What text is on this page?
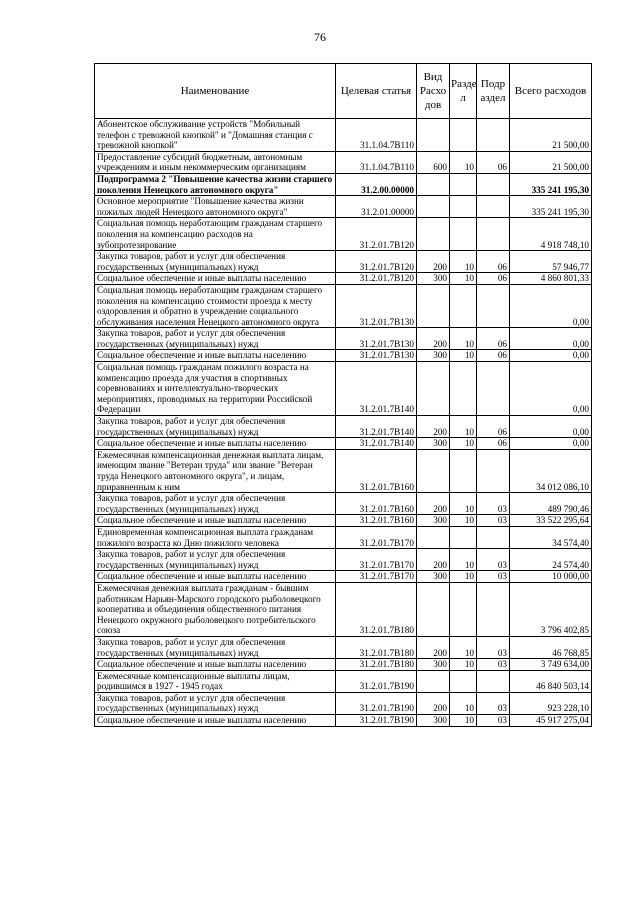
76
Наименование	Целевая статья	Вид Расхо дов	Разде л	Подр аздел	Всего расходов
Абонентское обслуживание устройств "Мобильный телефон с тревожной кнопкой" и "Домашняя станция с тревожной кнопкой"	31.1.04.7В110				21 500,00
Предоставление субсидий бюджетным, автономным учреждениям и иным некоммерческим организациям	31.1.04.7В110	600	10	06	21 500,00
Подпрограмма 2 "Повышение качества жизни старшего поколения Ненецкого автономного округа"	31.2.00.00000				335 241 195,30
Основное мероприятие "Повышение качества жизни пожилых людей Ненецкого автономного округа"	31.2.01.00000				335 241 195,30
Социальная помощь неработающим гражданам старшего поколения на компенсацию расходов на зубопротезирование	31.2.01.7В120				4 918 748,10
Закупка товаров, работ и услуг для обеспечения государственных (муниципальных) нужд	31.2.01.7В120	200	10	06	57 946,77
Социальное обеспечение и иные выплаты населению	31.2.01.7В120	300	10	06	4 860 801,33
Социальная помощь неработающим гражданам старшего поколения на компенсацию стоимости проезда к месту оздоровления и обратно в учреждение социального обслуживания населения Ненецкого автономного округа	31.2.01.7В130				0,00
Закупка товаров, работ и услуг для обеспечения государственных (муниципальных) нужд	31.2.01.7В130	200	10	06	0,00
Социальное обеспечение и иные выплаты населению	31.2.01.7В130	300	10	06	0,00
Социальная помощь гражданам пожилого возраста на компенсацию проезда для участия в спортивных соревнованиях и интеллектуально-творческих мероприятиях, проводимых на территории Российской Федерации	31.2.01.7В140				0,00
Закупка товаров, работ и услуг для обеспечения государственных (муниципальных) нужд	31.2.01.7В140	200	10	06	0,00
Социальное обеспечение и иные выплаты населению	31.2.01.7В140	300	10	06	0,00
Ежемесячная компенсационная денежная выплата лицам, имеющим звание "Ветеран труда" или звание "Ветеран труда Ненецкого автономного округа", и лицам, приравненным к ним	31.2.01.7В160				34 012 086,10
Закупка товаров, работ и услуг для обеспечения государственных (муниципальных) нужд	31.2.01.7В160	200	10	03	489 790,46
Социальное обеспечение и иные выплаты населению	31.2.01.7В160	300	10	03	33 522 295,64
Единовременная компенсационная выплата гражданам пожилого возраста ко Дню пожилого человека	31.2.01.7В170				34 574,40
Закупка товаров, работ и услуг для обеспечения государственных (муниципальных) нужд	31.2.01.7В170	200	10	03	24 574,40
Социальное обеспечение и иные выплаты населению	31.2.01.7В170	300	10	03	10 000,00
Ежемесячная денежная выплата гражданам - бывшим работникам Нарьян-Марского городского рыболовецкого кооператива и объединения общественного питания Ненецкого окружного рыболовецкого потребительского союза	31.2.01.7В180				3 796 402,85
Закупка товаров, работ и услуг для обеспечения государственных (муниципальных) нужд	31.2.01.7В180	200	10	03	46 768,85
Социальное обеспечение и иные выплаты населению	31.2.01.7В180	300	10	03	3 749 634,00
Ежемесячные компенсационные выплаты лицам, родившимся в 1927 - 1945 годах	31.2.01.7В190				46 840 503,14
Закупка товаров, работ и услуг для обеспечения государственных (муниципальных) нужд	31.2.01.7В190	200	10	03	923 228,10
Социальное обеспечение и иные выплаты населению	31.2.01.7В190	300	10	03	45 917 275,04
